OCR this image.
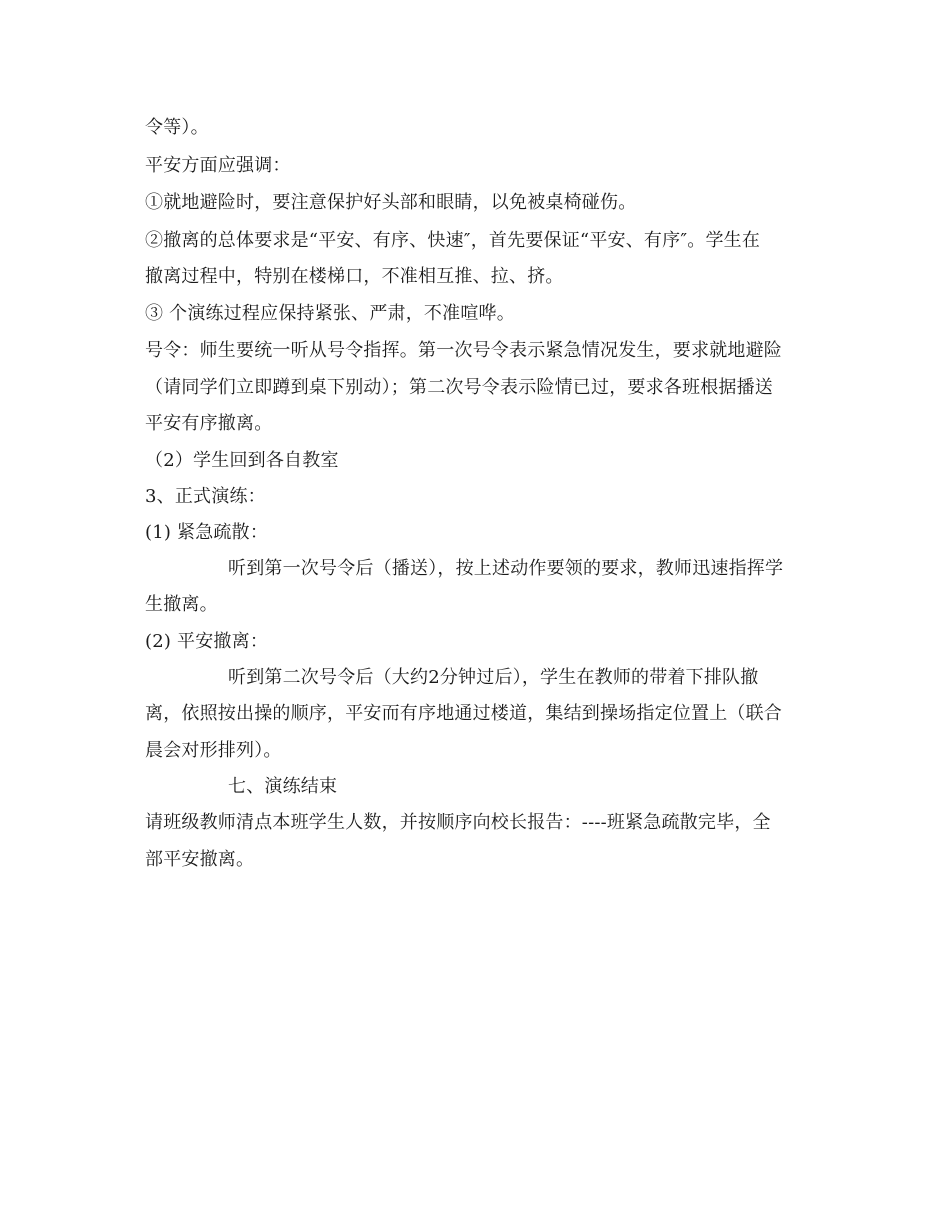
令等）。
平安方面应强调：
①就地避险时，要注意保护好头部和眼睛，以免被桌椅碰伤。
②撤离的总体要求是“平安、有序、快速″，首先要保证“平安、有序″。学生在
撤离过程中，特别在楼梯口，不准相互推、拉、挤。
③ 个演练过程应保持紧张、严肃，不准喧哗。
号令：师生要统一听从号令指挥。第一次号令表示紧急情况发生，要求就地避险
（请同学们立即蹲到桌下别动）；第二次号令表示险情已过，要求各班根据播送
平安有序撤离。
（2）学生回到各自教室
3、正式演练：
(1) 紧急疏散：
听到第一次号令后（播送），按上述动作要领的要求，教师迅速指挥学
生撤离。
(2) 平安撤离：
听到第二次号令后（大约2分钟过后），学生在教师的带着下排队撤
离，依照按出操的顺序，平安而有序地通过楼道，集结到操场指定位置上（联合
晨会对形排列）。
七、演练结束
请班级教师清点本班学生人数，并按顺序向校长报告：----班紧急疏散完毕，全
部平安撤离。
